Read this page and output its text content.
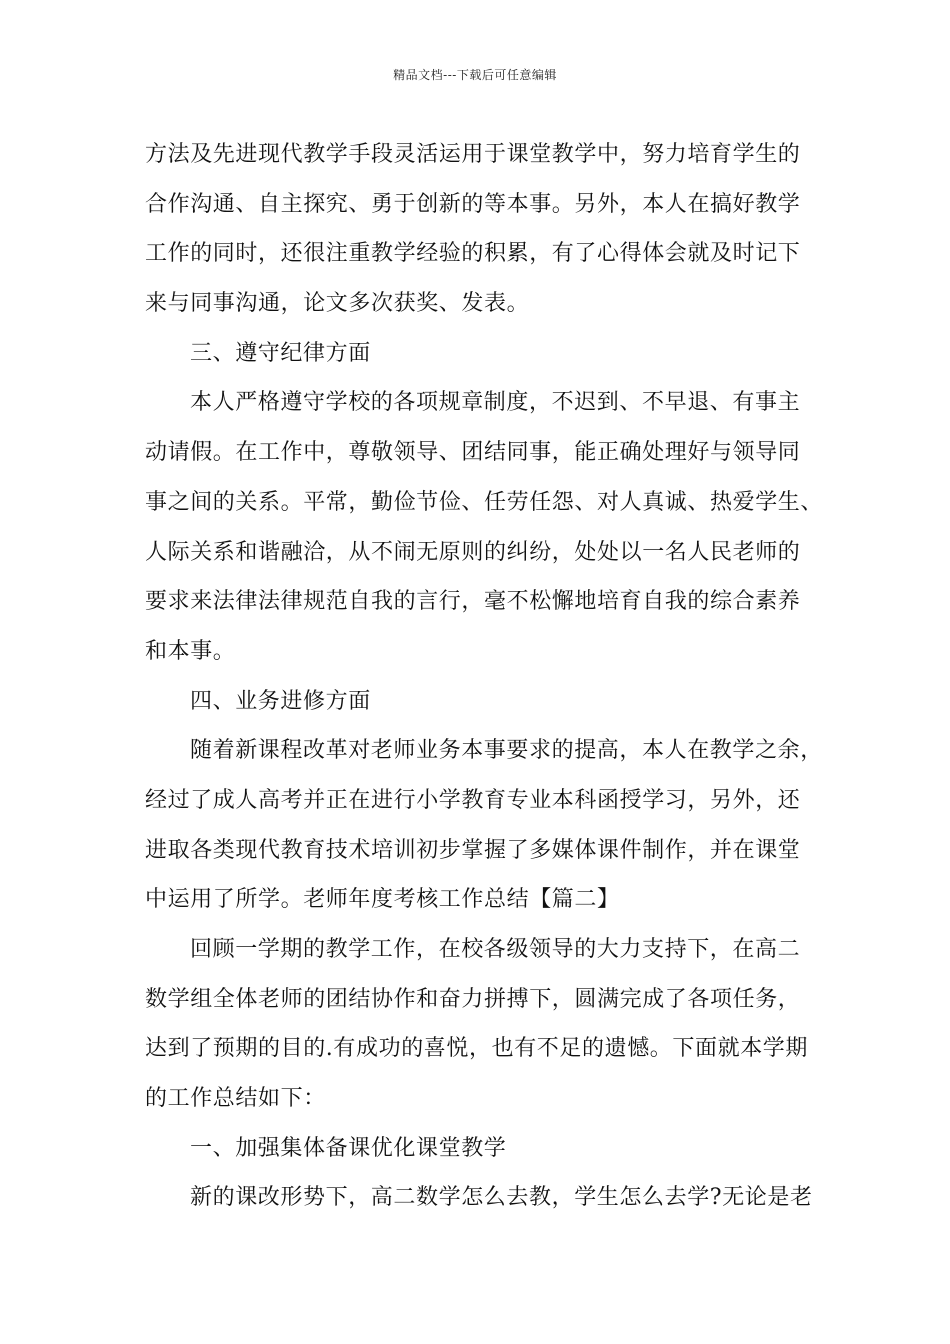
精品文档---下载后可任意编辑
方法及先进现代教学手段灵活运用于课堂教学中，努力培育学生的
合作沟通、自主探究、勇于创新的等本事。另外，本人在搞好教学
工作的同时，还很注重教学经验的积累，有了心得体会就及时记下
来与同事沟通，论文多次获奖、发表。
三、遵守纪律方面
本人严格遵守学校的各项规章制度，不迟到、不早退、有事主
动请假。在工作中，尊敬领导、团结同事，能正确处理好与领导同
事之间的关系。平常，勤俭节俭、任劳任怨、对人真诚、热爱学生、
人际关系和谐融洽，从不闹无原则的纠纷，处处以一名人民老师的
要求来法律法律规范自我的言行，毫不松懈地培育自我的综合素养
和本事。
四、业务进修方面
随着新课程改革对老师业务本事要求的提高，本人在教学之余，
经过了成人高考并正在进行小学教育专业本科函授学习，另外，还
进取各类现代教育技术培训初步掌握了多媒体课件制作，并在课堂
中运用了所学。老师年度考核工作总结【篇二】
回顾一学期的教学工作，在校各级领导的大力支持下，在高二
数学组全体老师的团结协作和奋力拼搏下，圆满完成了各项任务，
达到了预期的目的.有成功的喜悦，也有不足的遗憾。下面就本学期
的工作总结如下：
一、加强集体备课优化课堂教学
新的课改形势下，高二数学怎么去教，学生怎么去学?无论是老
